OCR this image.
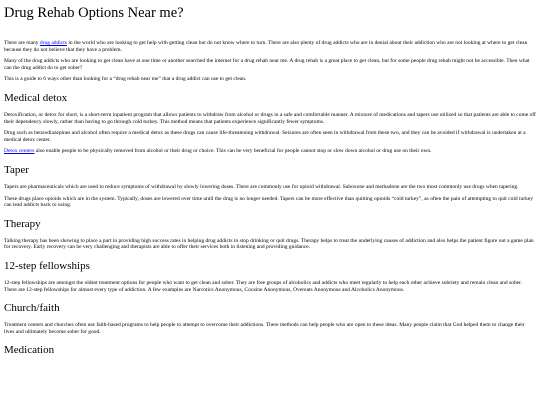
Drug Rehab Options Near me?

There are many drug addicts in the world who are looking to get help with getting clean but do not know where to turn. There are also plenty of drug addicts who are in denial about their addiction who are not looking at where to get clean because they do not believe that they have a problem.

Many of the drug addicts who are looking to get clean have at one time or another searched the internet for a drug rehab near me. A drug rehab is a great place to get clean, but for some people drug rehab might not be accessible. Then what can the drug addict do to get sober?

This is a guide to 6 ways other than looking for a “drug rehab near me” that a drug addict can use to get clean.

Medical detox

Detoxification, or detox for short, is a short-term inpatient program that allows patients to withdraw from alcohol or drugs in a safe and comfortable manner. A mixture of medications and tapers use utilized so that patients are able to come off their dependency slowly, rather than having to go through cold turkey. This method means that patients experience significantly fewer symptoms.

Drug such as benzodiazepines and alcohol often require a medical detox as these drugs can cause life-threatening withdrawal. Seizures are often seen in withdrawal from these two, and they can be avoided if withdrawal is undertaken at a medical detox center.

Detox centers also enable people to be physically removed from alcohol or their drug or choice. This can be very beneficial for people cannot stop or slow down alcohol or drug use on their own.

Taper

Tapers are pharmaceuticals which are used to reduce symptoms of withdrawal by slowly lowering doses. There are commonly use for opioid withdrawal. Suboxone and methadone are the two most commonly use drugs when tapering.

These drugs place opioids which are in the system. Typically, doses are lowered over time until the drug is no longer needed. Tapers can be more effective than quitting opioids “cold turkey”, as often the pain of attempting to quit cold turkey can lead addicts back to using.

Therapy

Talking therapy has been showing to place a part in providing high success rates in helping drug addicts to stop drinking or quit drugs. Therapy helps to treat the underlying causes of addiction and also helps the patient figure out a game plan for recovery. Early recovery can be very challenging and therapists are able to offer their services both in listening and providing guidance.

12-step fellowships

12-step fellowships are amongst the oldest treatment options for people who want to get clean and sober. They are free groups of alcoholics and addicts who meet regularly to help each other achieve sobriety and remain clean and sober. There are 12-step fellowships for almost every type of addiction. A few examples are Narcotics Anonymous, Cocaine Anonymous, Overeats Anonymous and Alcoholics Anonymous.

Church/faith

Treatment centers and churches often use faith-based programs to help people to attempt to overcome their addictions. There methods can help people who are open to these ideas. Many people claim that God helped them to change their lives and ultimately become sober for good.

Medication
